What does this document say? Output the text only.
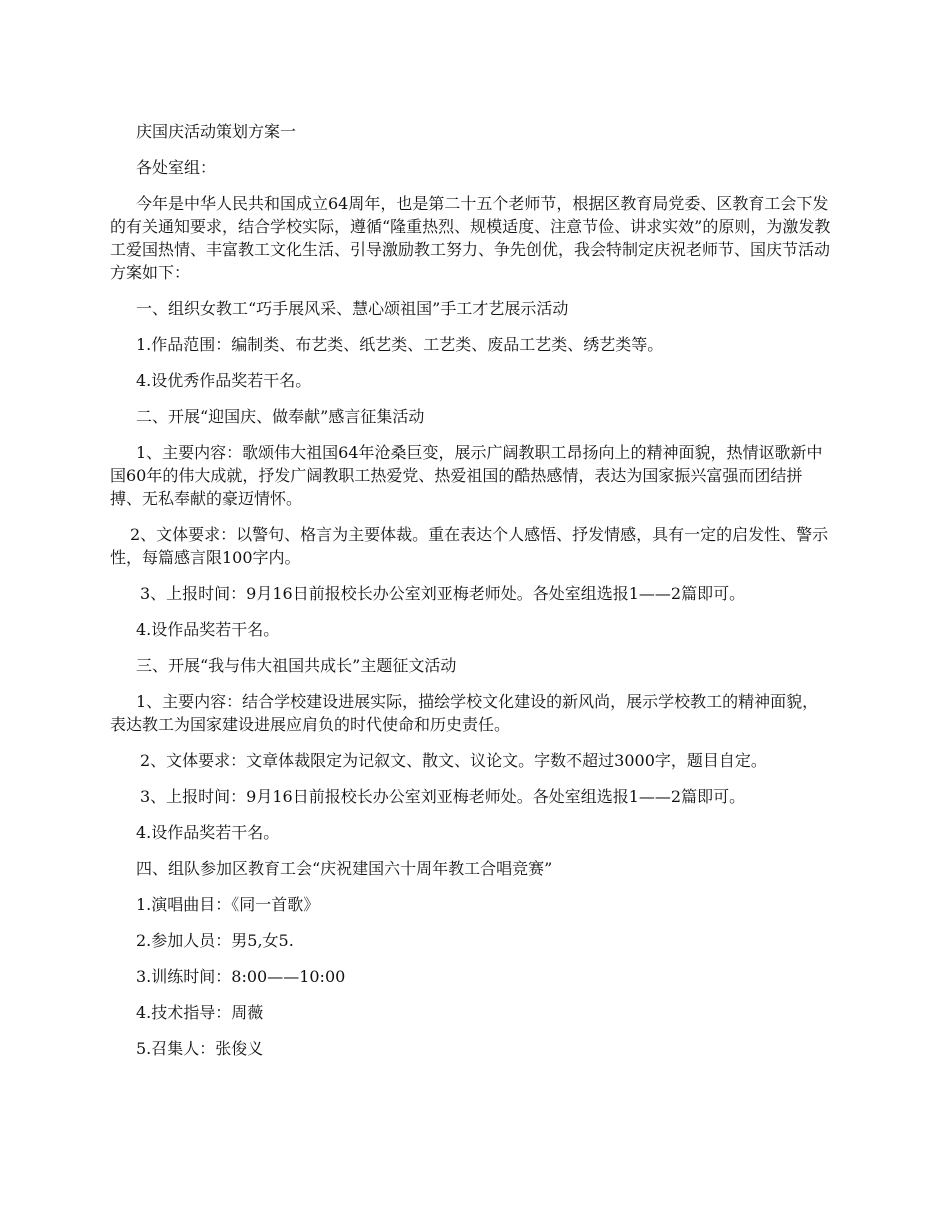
庆国庆活动策划方案一

各处室组：

今年是中华人民共和国成立64周年，也是第二十五个老师节，根据区教育局党委、区教育工会下发的有关通知要求，结合学校实际，遵循“隆重热烈、规模适度、注意节俭、讲求实效”的原则，为激发教工爱国热情、丰富教工文化生活、引导激励教工努力、争先创优，我会特制定庆祝老师节、国庆节活动方案如下：

一、组织女教工“巧手展风采、慧心颂祖国”手工才艺展示活动

1.作品范围：编制类、布艺类、纸艺类、工艺类、废品工艺类、绣艺类等。

4.设优秀作品奖若干名。

二、开展“迎国庆、做奉献”感言征集活动

1、主要内容：歌颂伟大祖国64年沧桑巨变，展示广阔教职工昂扬向上的精神面貌，热情讴歌新中国60年的伟大成就，抒发广阔教职工热爱党、热爱祖国的酷热感情，表达为国家振兴富强而团结拼搏、无私奉献的豪迈情怀。

2、文体要求：以警句、格言为主要体裁。重在表达个人感悟、抒发情感，具有一定的启发性、警示性，每篇感言限100字内。

3、上报时间：9月16日前报校长办公室刘亚梅老师处。各处室组选报1——2篇即可。

4.设作品奖若干名。

三、开展“我与伟大祖国共成长”主题征文活动

1、主要内容：结合学校建设进展实际，描绘学校文化建设的新风尚，展示学校教工的精神面貌，表达教工为国家建设进展应肩负的时代使命和历史责任。

2、文体要求：文章体裁限定为记叙文、散文、议论文。字数不超过3000字，题目自定。

3、上报时间：9月16日前报校长办公室刘亚梅老师处。各处室组选报1——2篇即可。

4.设作品奖若干名。

四、组队参加区教育工会“庆祝建国六十周年教工合唱竞赛”

1.演唱曲目：《同一首歌》

2.参加人员：男5,女5.

3.训练时间：8:00——10:00

4.技术指导：周薇

5.召集人：张俊义
